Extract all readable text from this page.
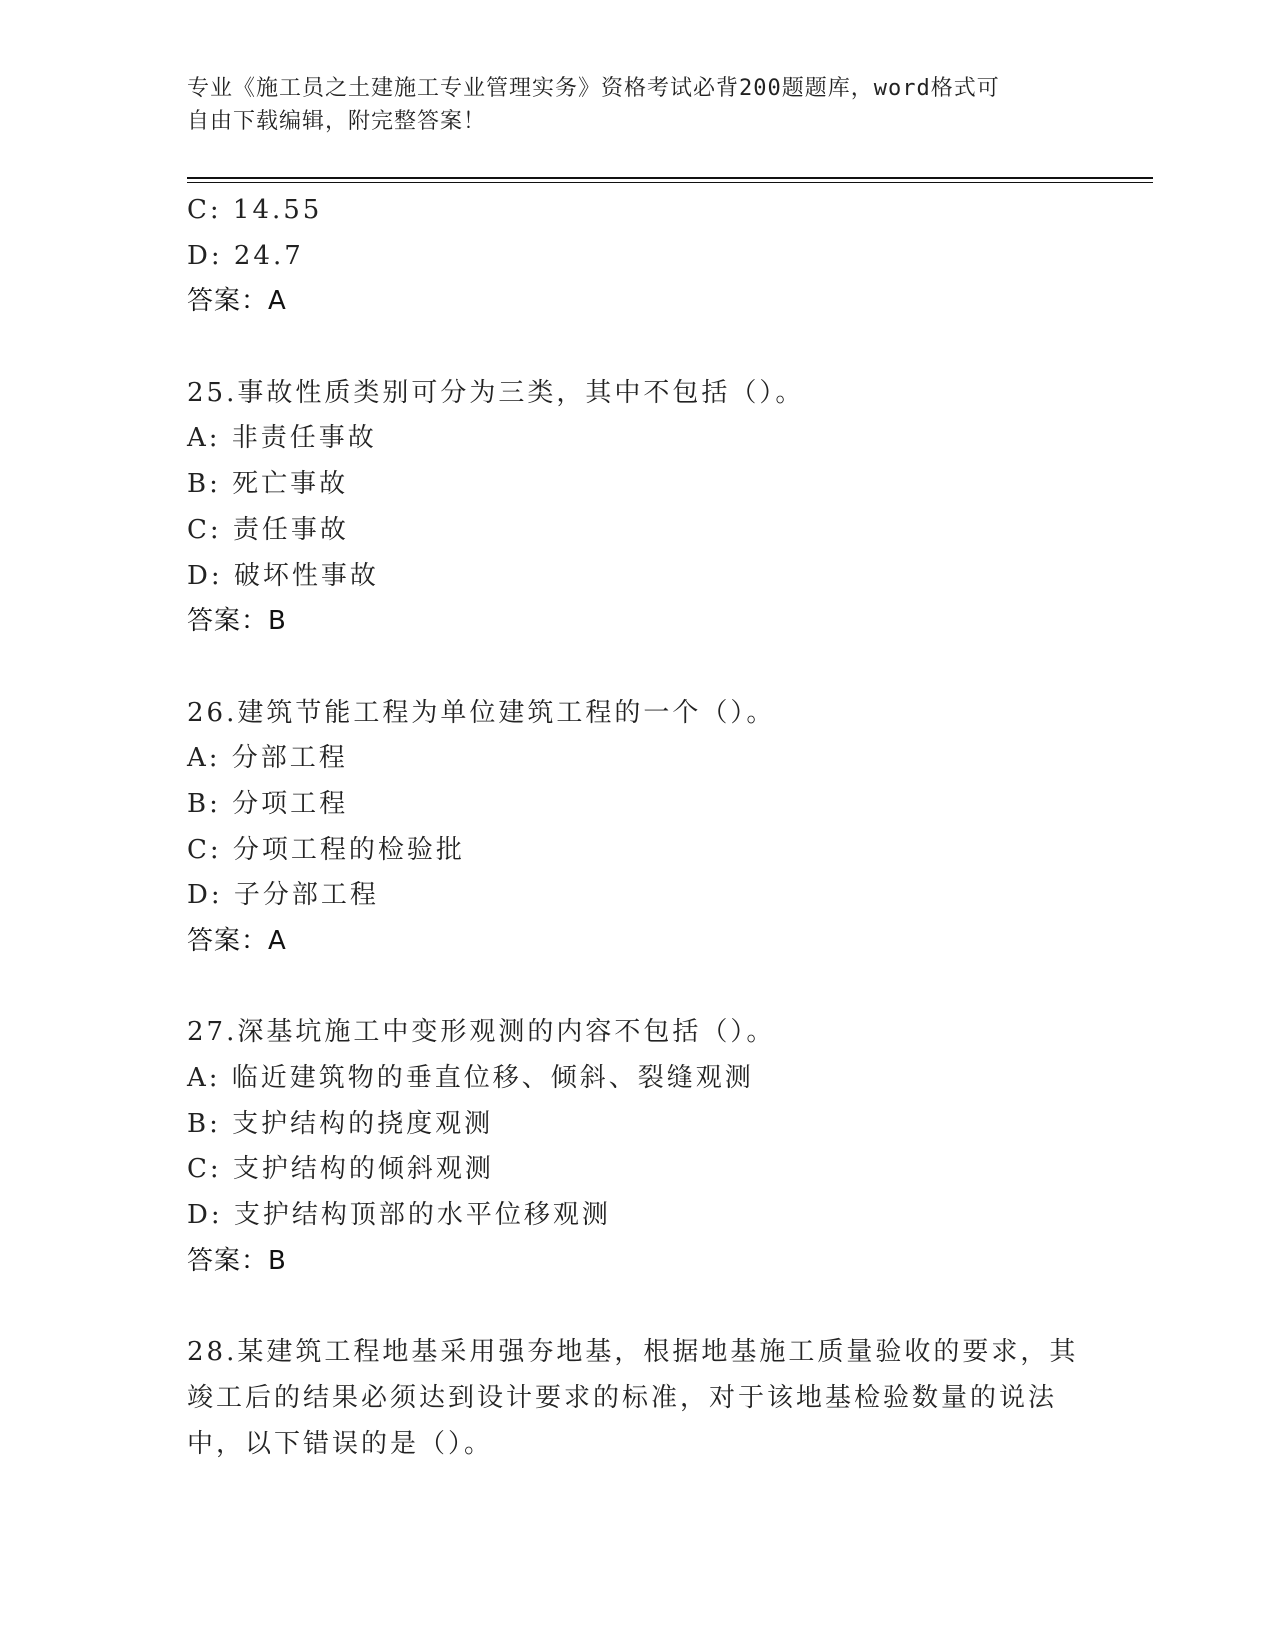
专业《施工员之土建施工专业管理实务》资格考试必背200题题库，word格式可
自由下载编辑，附完整答案！
C: 14.55
D: 24.7
答案：A
25.事故性质类别可分为三类，其中不包括（）。
A: 非责任事故
B: 死亡事故
C: 责任事故
D: 破坏性事故
答案：B
26.建筑节能工程为单位建筑工程的一个（）。
A: 分部工程
B: 分项工程
C: 分项工程的检验批
D: 子分部工程
答案：A
27.深基坑施工中变形观测的内容不包括（）。
A: 临近建筑物的垂直位移、倾斜、裂缝观测
B: 支护结构的挠度观测
C: 支护结构的倾斜观测
D: 支护结构顶部的水平位移观测
答案：B
28.某建筑工程地基采用强夯地基，根据地基施工质量验收的要求，其
竣工后的结果必须达到设计要求的标准，对于该地基检验数量的说法
中，以下错误的是（）。
